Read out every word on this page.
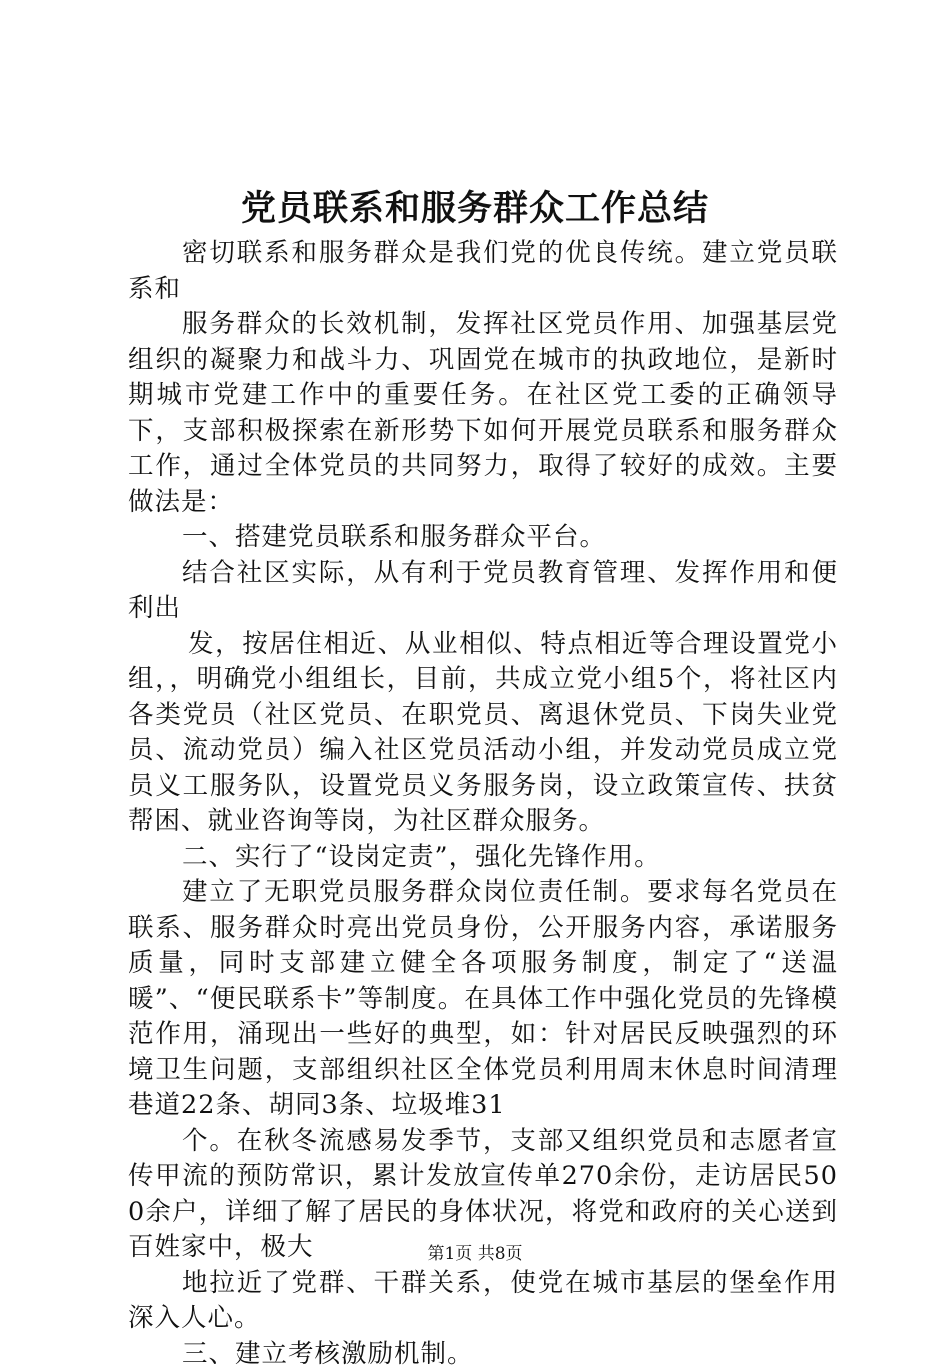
党员联系和服务群众工作总结

密切联系和服务群众是我们党的优良传统。建立党员联系和

服务群众的长效机制，发挥社区党员作用、加强基层党组织的凝聚力和战斗力、巩固党在城市的执政地位，是新时期城市党建工作中的重要任务。在社区党工委的正确领导下，支部积极探索在新形势下如何开展党员联系和服务群众工作，通过全体党员的共同努力，取得了较好的成效。主要做法是：

一、搭建党员联系和服务群众平台。

结合社区实际，从有利于党员教育管理、发挥作用和便利出

发，按居住相近、从业相似、特点相近等合理设置党小组，，明确党小组组长，目前，共成立党小组5个，将社区内各类党员（社区党员、在职党员、离退休党员、下岗失业党员、流动党员）编入社区党员活动小组，并发动党员成立党员义工服务队，设置党员义务服务岗，设立政策宣传、扶贫帮困、就业咨询等岗，为社区群众服务。

二、实行了“设岗定责”，强化先锋作用。

建立了无职党员服务群众岗位责任制。要求每名党员在联系、服务群众时亮出党员身份，公开服务内容，承诺服务质量，同时支部建立健全各项服务制度，制定了“送温暖”、“便民联系卡”等制度。在具体工作中强化党员的先锋模范作用，涌现出一些好的典型，如：针对居民反映强烈的环境卫生问题，支部组织社区全体党员利用周末休息时间清理巷道22条、胡同3条、垃圾堆31

个。在秋冬流感易发季节，支部又组织党员和志愿者宣传甲流的预防常识，累计发放宣传单270余份，走访居民500余户，详细了解了居民的身体状况，将党和政府的关心送到百姓家中，极大

地拉近了党群、干群关系，使党在城市基层的堡垒作用深入人心。

三、建立考核激励机制。

第1页 共8页
